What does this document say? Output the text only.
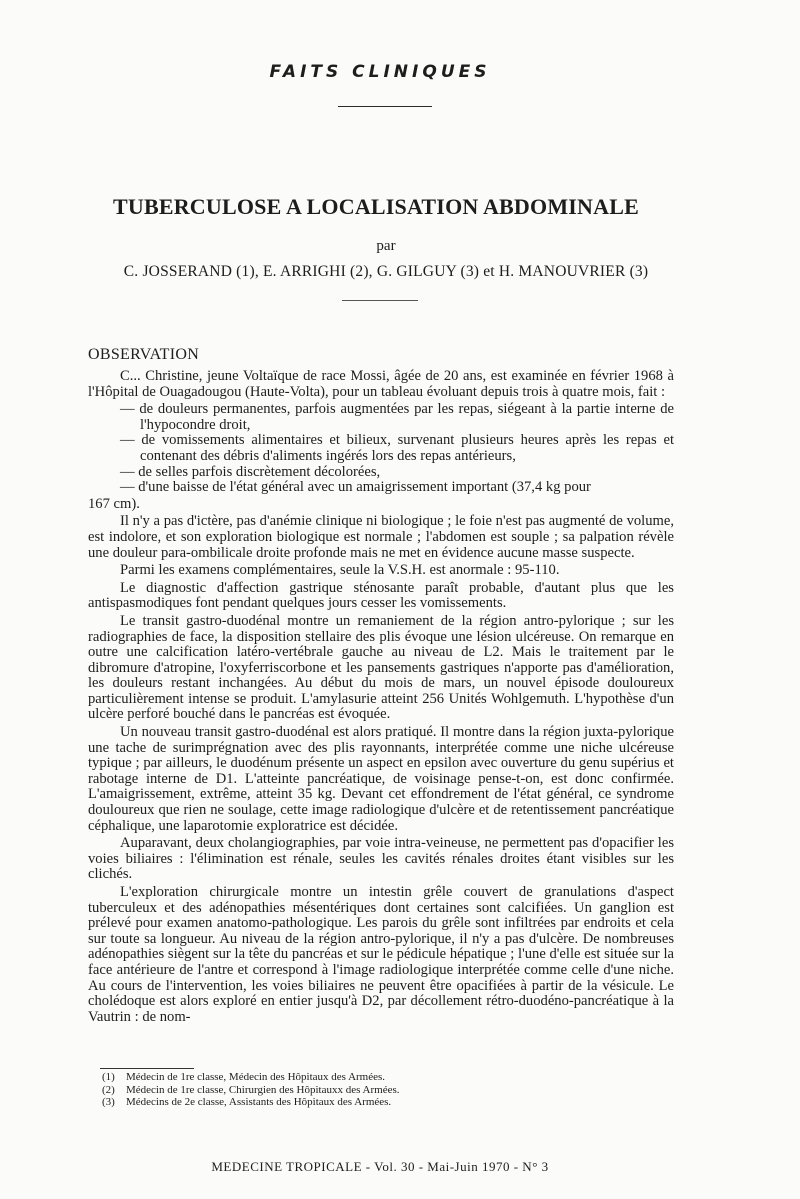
FAITS CLINIQUES
TUBERCULOSE A LOCALISATION ABDOMINALE
par
C. JOSSERAND (1), E. ARRIGHI (2), G. GILGUY (3) et H. MANOUVRIER (3)
OBSERVATION

C... Christine, jeune Voltaïque de race Mossi, âgée de 20 ans, est examinée en février 1968 à l'Hôpital de Ouagadougou (Haute-Volta), pour un tableau évoluant depuis trois à quatre mois, fait :

— de douleurs permanentes, parfois augmentées par les repas, siégeant à la partie interne de l'hypocondre droit,
— de vomissements alimentaires et bilieux, survenant plusieurs heures après les repas et contenant des débris d'aliments ingérés lors des repas antérieurs,
— de selles parfois discrètement décolorées,
— d'une baisse de l'état général avec un amaigrissement important (37,4 kg pour
167 cm).

Il n'y a pas d'ictère, pas d'anémie clinique ni biologique ; le foie n'est pas augmenté de volume, est indolore, et son exploration biologique est normale ; l'abdomen est souple ; sa palpation révèle une douleur para-ombilicale droite profonde mais ne met en évidence aucune masse suspecte.

Parmi les examens complémentaires, seule la V.S.H. est anormale : 95-110.

Le diagnostic d'affection gastrique sténosante paraît probable, d'autant plus que les antispasmodiques font pendant quelques jours cesser les vomissements.

Le transit gastro-duodénal montre un remaniement de la région antro-pylorique ; sur les radiographies de face, la disposition stellaire des plis évoque une lésion ulcéreuse. On remarque en outre une calcification latéro-vertébrale gauche au niveau de L2. Mais le traitement par le dibromure d'atropine, l'oxyferriscorbone et les pansements gastriques n'apporte pas d'amélioration, les douleurs restant inchangées. Au début du mois de mars, un nouvel épisode douloureux particulièrement intense se produit. L'amylasurie atteint 256 Unités Wohlgemuth. L'hypothèse d'un ulcère perforé bouché dans le pancréas est évoquée.

Un nouveau transit gastro-duodénal est alors pratiqué. Il montre dans la région juxta-pylorique une tache de surimprégnation avec des plis rayonnants, interprétée comme une niche ulcéreuse typique ; par ailleurs, le duodénum présente un aspect en epsilon avec ouverture du genu supérius et rabotage interne de D1. L'atteinte pancréatique, de voisinage pense-t-on, est donc confirmée. L'amaigrissement, extrême, atteint 35 kg. Devant cet effondrement de l'état général, ce syndrome douloureux que rien ne soulage, cette image radiologique d'ulcère et de retentissement pancréatique céphalique, une laparotomie exploratrice est décidée.

Auparavant, deux cholangiographies, par voie intra-veineuse, ne permettent pas d'opacifier les voies biliaires : l'élimination est rénale, seules les cavités rénales droites étant visibles sur les clichés.

L'exploration chirurgicale montre un intestin grêle couvert de granulations d'aspect tuberculeux et des adénopathies mésentériques dont certaines sont calcifiées. Un ganglion est prélevé pour examen anatomo-pathologique. Les parois du grêle sont infiltrées par endroits et cela sur toute sa longueur. Au niveau de la région antro-pylorique, il n'y a pas d'ulcère. De nombreuses adénopathies siègent sur la tête du pancréas et sur le pédicule hépatique ; l'une d'elle est située sur la face antérieure de l'antre et correspond à l'image radiologique interprétée comme celle d'une niche. Au cours de l'intervention, les voies biliaires ne peuvent être opacifiées à partir de la vésicule. Le cholédoque est alors exploré en entier jusqu'à D2, par décollement rétro-duodéno-pancréatique à la Vautrin : de nom-

(1)	Médecin de 1re classe, Médecin des Hôpitaux des Armées.
(2)	Médecin de 1re classe, Chirurgien des Hôpitauxx des Armées.
(3)	Médecins de 2e classe, Assistants des Hôpitaux des Armées.
MEDECINE TROPICALE - Vol. 30 - Mai-Juin 1970 - N° 3
